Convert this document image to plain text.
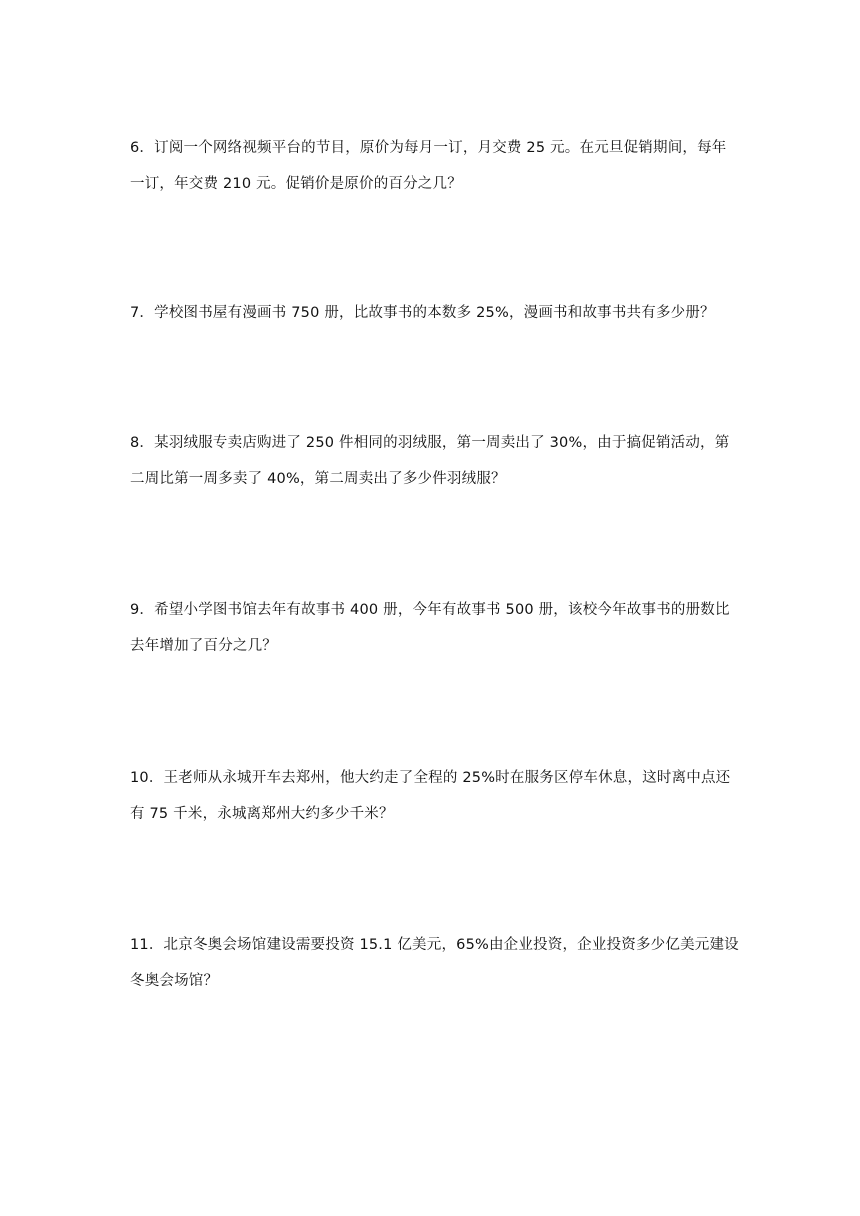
6．订阅一个网络视频平台的节目，原价为每月一订，月交费 25 元。在元旦促销期间，每年
一订，年交费 210 元。促销价是原价的百分之几？
7．学校图书屋有漫画书 750 册，比故事书的本数多 25%，漫画书和故事书共有多少册？
8．某羽绒服专卖店购进了 250 件相同的羽绒服，第一周卖出了 30%，由于搞促销活动，第
二周比第一周多卖了 40%，第二周卖出了多少件羽绒服？
9．希望小学图书馆去年有故事书 400 册，今年有故事书 500 册，该校今年故事书的册数比
去年增加了百分之几？
10．王老师从永城开车去郑州，他大约走了全程的 25%时在服务区停车休息，这时离中点还
有 75 千米，永城离郑州大约多少千米？
11．北京冬奥会场馆建设需要投资 15.1 亿美元，65%由企业投资，企业投资多少亿美元建设
冬奥会场馆？
